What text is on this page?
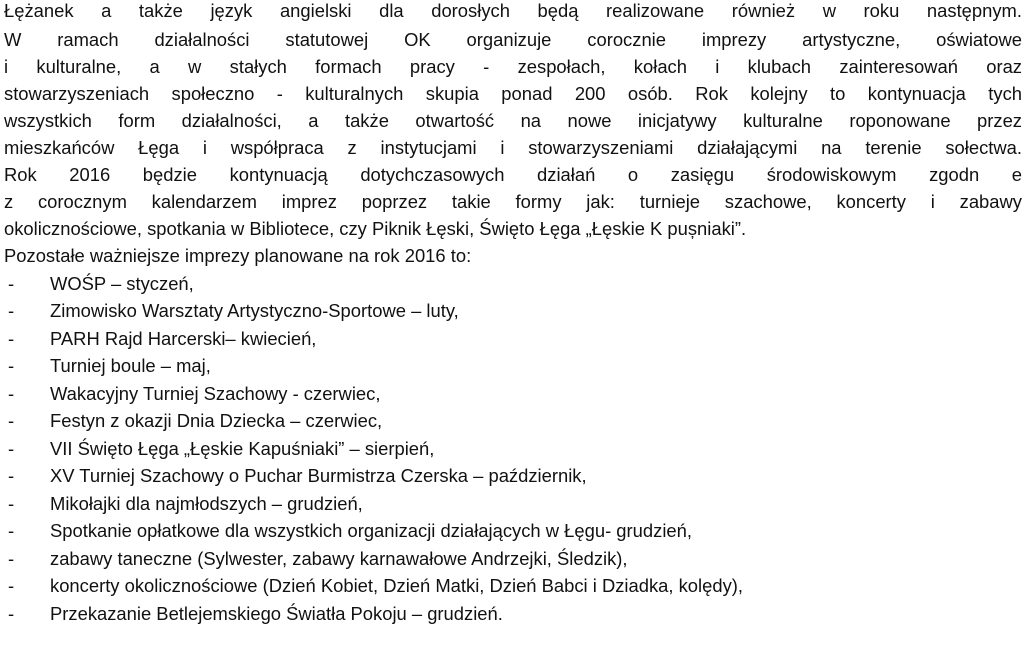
Łężanek a także język angielski dla dorosłych będą realizowane również w roku następnym.
W ramach działalności statutowej OK organizuje corocznie imprezy artystyczne, oświatowe
i kulturalne, a w stałych formach pracy - zespołach, kołach i klubach zainteresowań oraz
stowarzyszeniach społeczno - kulturalnych skupia ponad 200 osób. Rok kolejny to kontynuacja tych
wszystkich form działalności, a także otwartość na nowe inicjatywy kulturalne roponowane przez
mieszkańców Łęga i współpraca z instytucjami i stowarzyszeniami działającymi na terenie sołectwa.
Rok 2016 będzie kontynuacją dotychczasowych działań o zasięgu środowiskowym zgodn e
z corocznym kalendarzem imprez poprzez takie formy jak: turnieje szachowe, koncerty i zabawy
okolicznościowe, spotkania w Bibliotece, czy Piknik Łęski, Święto Łęga „Łęskie K pușniaki”.
Pozostałe ważniejsze imprezy planowane na rok 2016 to:
- WOŚP – styczeń,
- Zimowisko Warsztaty Artystyczno-Sportowe – luty,
- PARH Rajd Harcerski– kwiecień,
- Turniej boule – maj,
- Wakacyjny Turniej Szachowy - czerwiec,
- Festyn z okazji Dnia Dziecka – czerwiec,
- VII Święto Łęga „Łęskie Kapuśniaki” – sierpień,
- XV Turniej Szachowy o Puchar Burmistrza Czerska – październik,
- Mikołajki dla najmłodszych – grudzień,
- Spotkanie opłatkowe dla wszystkich organizacji działających w Łęgu- grudzień,
- zabawy taneczne (Sylwester, zabawy karnawałowe Andrzejki, Śledzik),
- koncerty okolicznościowe (Dzień Kobiet, Dzień Matki, Dzień Babci i Dziadka, kolędy),
- Przekazanie Betlejemskiego Światła Pokoju – grudzień.
